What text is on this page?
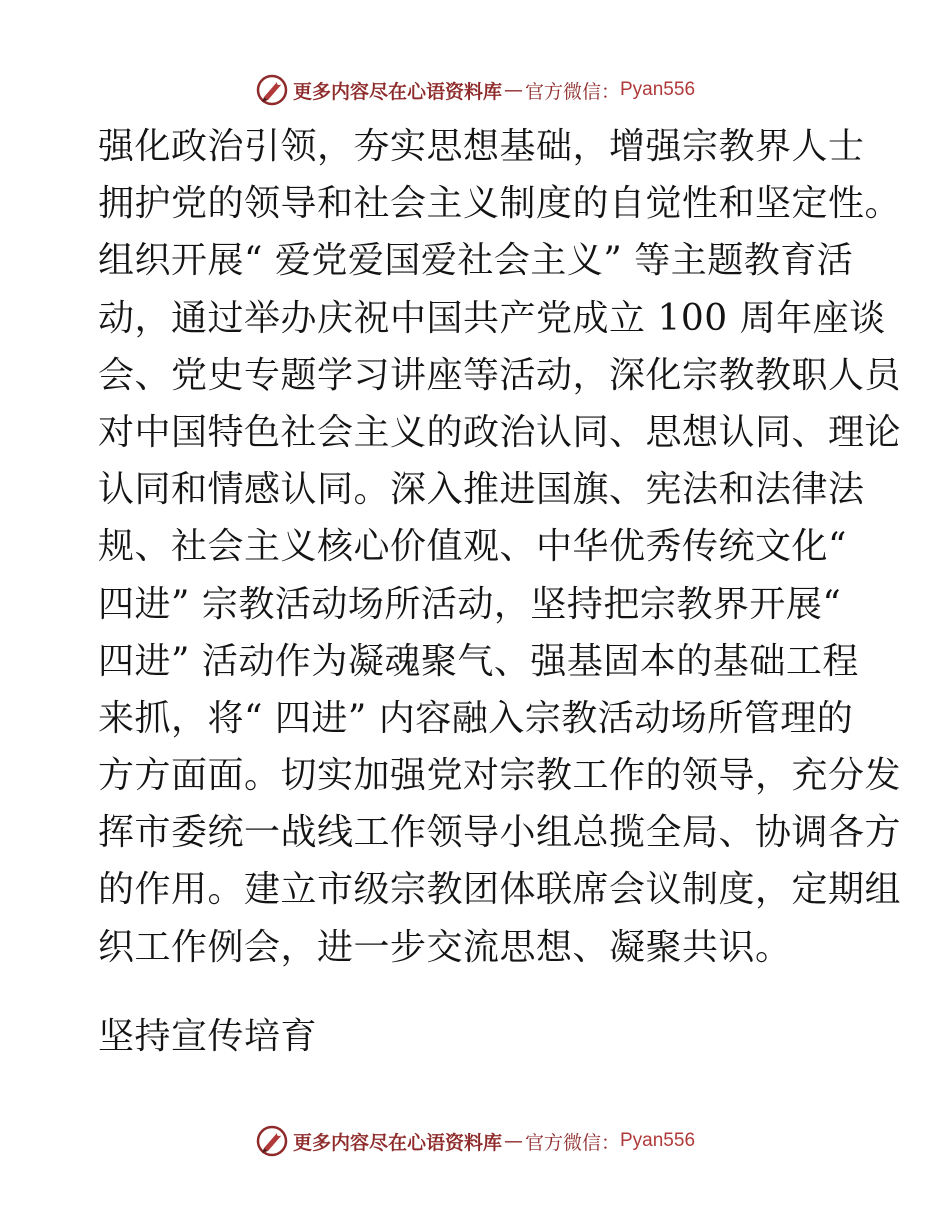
更多内容尽在心语资料库 — 官方微信： Pyan556
强化政治引领，夯实思想基础，增强宗教界人士
拥护党的领导和社会主义制度的自觉性和坚定性。
组织开展“ 爱党爱国爱社会主义” 等主题教育活
动，通过举办庆祝中国共产党成立 100 周年座谈
会、党史专题学习讲座等活动，深化宗教教职人员
对中国特色社会主义的政治认同、思想认同、理论
认同和情感认同。深入推进国旗、宪法和法律法
规、社会主义核心价值观、中华优秀传统文化“
四进” 宗教活动场所活动，坚持把宗教界开展“
四进” 活动作为凝魂聚气、强基固本的基础工程
来抓，将“ 四进” 内容融入宗教活动场所管理的
方方面面。切实加强党对宗教工作的领导，充分发
挥市委统一战线工作领导小组总揽全局、协调各方
的作用。建立市级宗教团体联席会议制度，定期组
织工作例会，进一步交流思想、凝聚共识。
坚持宣传培育
更多内容尽在心语资料库 — 官方微信： Pyan556
